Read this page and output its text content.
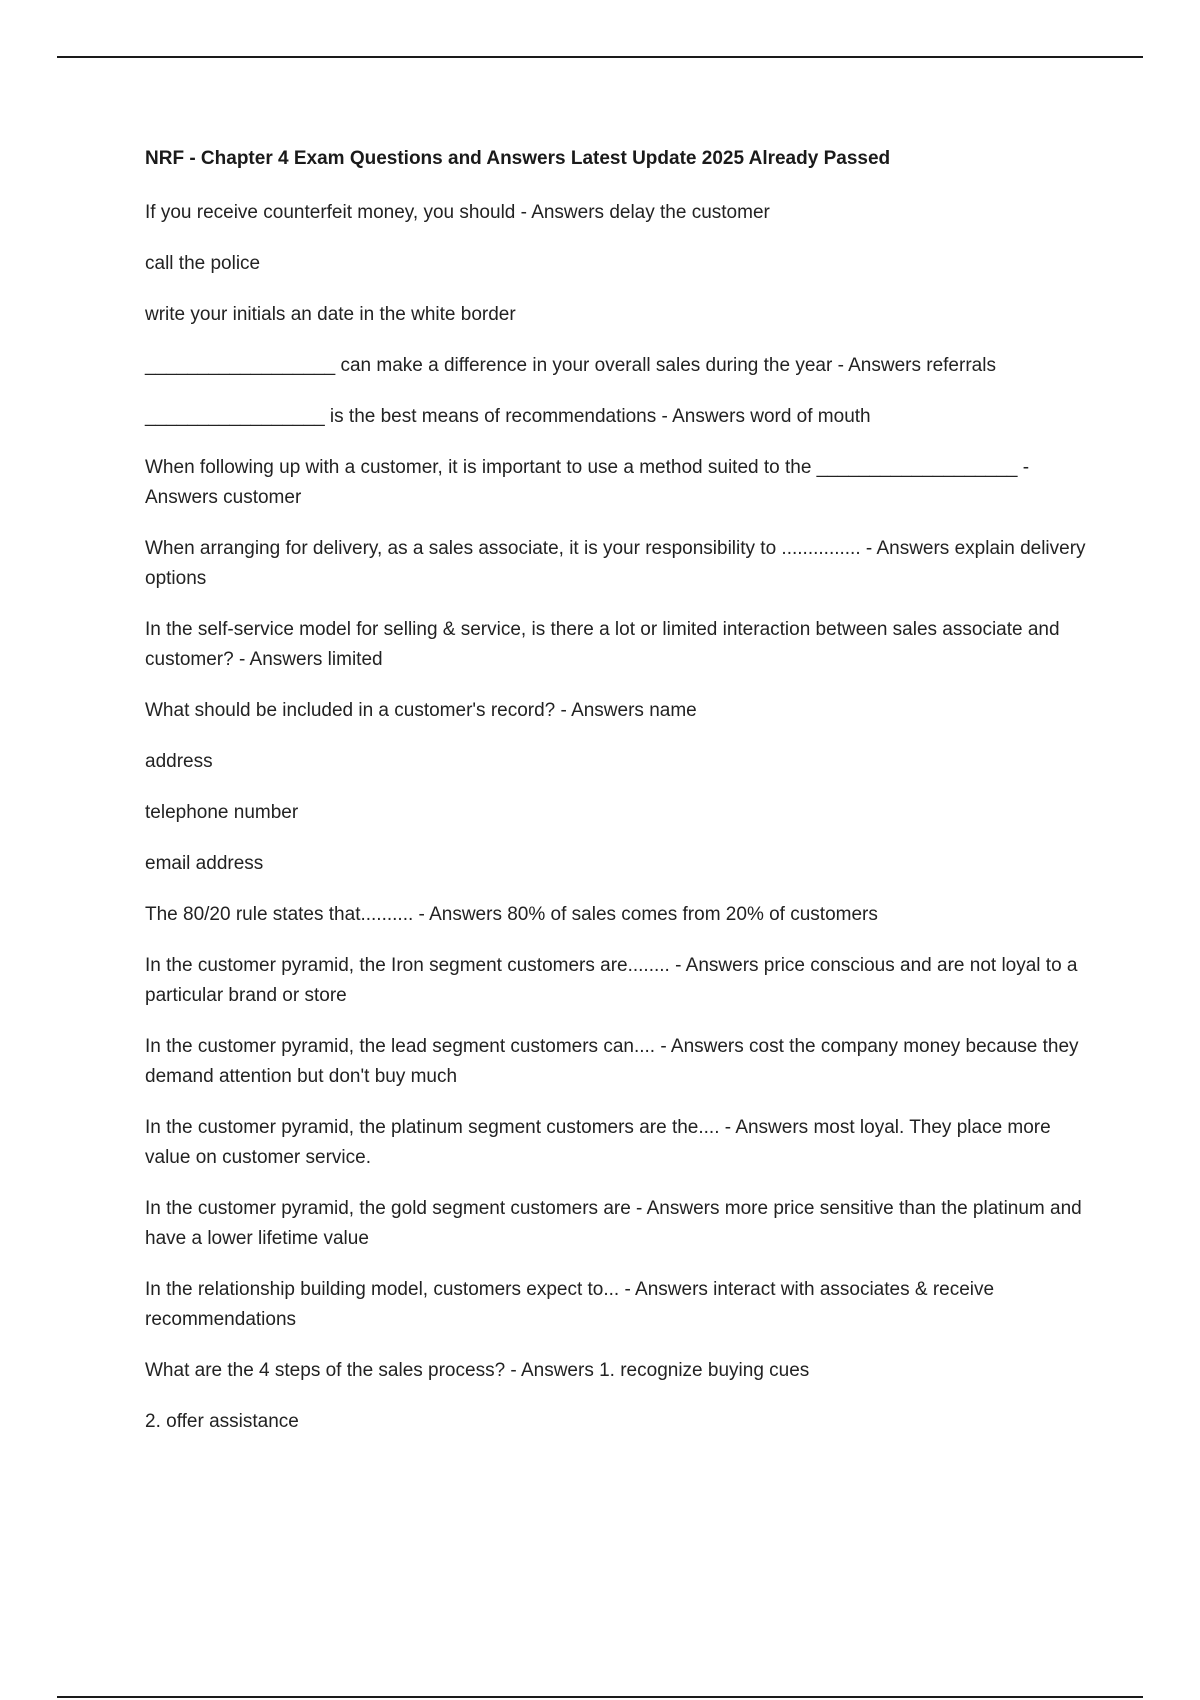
NRF - Chapter 4 Exam Questions and Answers Latest Update 2025 Already Passed
If you receive counterfeit money, you should - Answers delay the customer
call the police
write your initials an date in the white border
__________________ can make a difference in your overall sales during the year - Answers referrals
_________________ is the best means of recommendations - Answers word of mouth
When following up with a customer, it is important to use a method suited to the ___________________ - Answers customer
When arranging for delivery, as a sales associate, it is your responsibility to ............... - Answers explain delivery options
In the self-service model for selling & service, is there a lot or limited interaction between sales associate and customer? - Answers limited
What should be included in a customer's record? - Answers name
address
telephone number
email address
The 80/20 rule states that.......... - Answers 80% of sales comes from 20% of customers
In the customer pyramid, the Iron segment customers are........ - Answers price conscious and are not loyal to a particular brand or store
In the customer pyramid, the lead segment customers can.... - Answers cost the company money because they demand attention but don't buy much
In the customer pyramid, the platinum segment customers are the.... - Answers most loyal. They place more value on customer service.
In the customer pyramid, the gold segment customers are - Answers more price sensitive than the platinum and have a lower lifetime value
In the relationship building model, customers expect to... - Answers interact with associates & receive recommendations
What are the 4 steps of the sales process? - Answers 1. recognize buying cues
2. offer assistance
